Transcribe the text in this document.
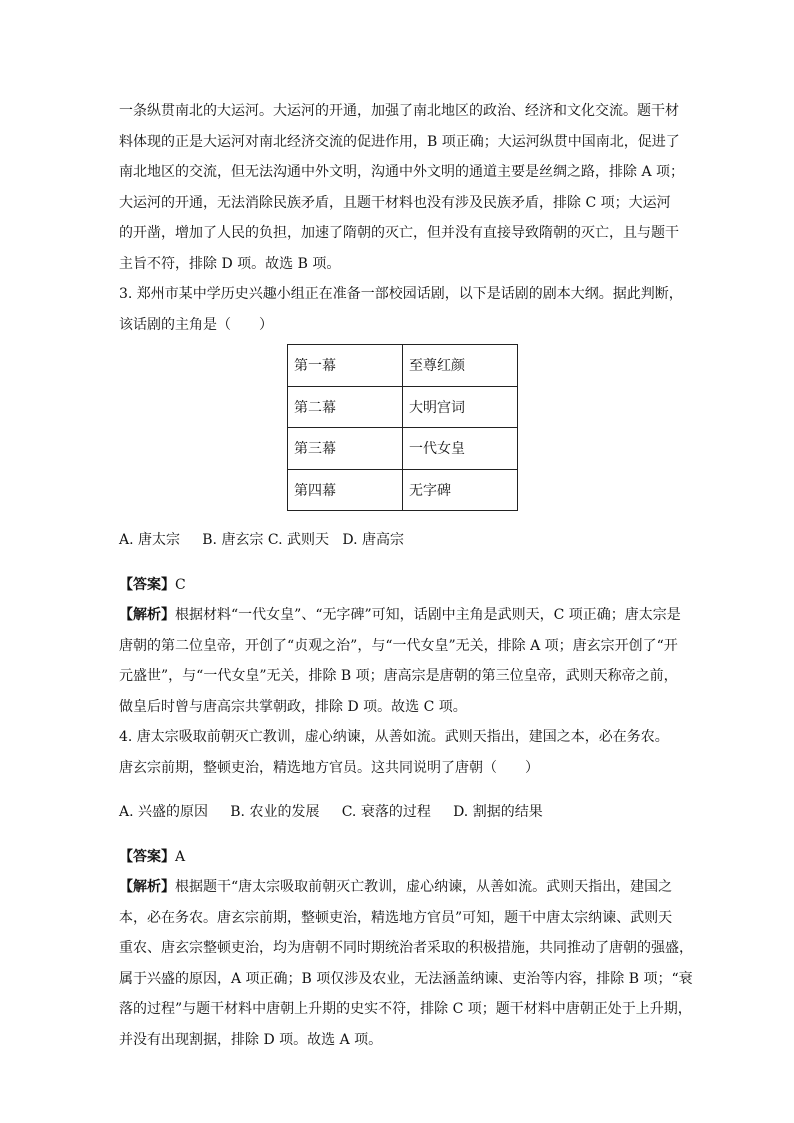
一条纵贯南北的大运河。大运河的开通，加强了南北地区的政治、经济和文化交流。题干材

料体现的正是大运河对南北经济交流的促进作用，B 项正确；大运河纵贯中国南北，促进了

南北地区的交流，但无法沟通中外文明，沟通中外文明的通道主要是丝绸之路，排除 A 项；

大运河的开通，无法消除民族矛盾，且题干材料也没有涉及民族矛盾，排除 C 项；大运河

的开凿，增加了人民的负担，加速了隋朝的灭亡，但并没有直接导致隋朝的灭亡，且与题干

主旨不符，排除 D 项。故选 B 项。

3. 郑州市某中学历史兴趣小组正在准备一部校园话剧，以下是话剧的剧本大纲。据此判断，

该话剧的主角是（　　）

第一幕	至尊红颜
第二幕	大明宫词
第三幕	一代女皇
第四幕	无字碑

A. 唐太宗     B. 唐玄宗 C. 武则天   D. 唐高宗

【答案】C

【解析】根据材料“一代女皇”、“无字碑”可知，话剧中主角是武则天，C 项正确；唐太宗是

唐朝的第二位皇帝，开创了“贞观之治”，与“一代女皇”无关，排除 A 项；唐玄宗开创了“开

元盛世”，与“一代女皇”无关，排除 B 项；唐高宗是唐朝的第三位皇帝，武则天称帝之前，

做皇后时曾与唐高宗共掌朝政，排除 D 项。故选 C 项。

4. 唐太宗吸取前朝灭亡教训，虚心纳谏，从善如流。武则天指出，建国之本，必在务农。

唐玄宗前期，整顿吏治，精选地方官员。这共同说明了唐朝（　　）

A. 兴盛的原因     B. 农业的发展     C. 衰落的过程     D. 割据的结果

【答案】A

【解析】根据题干“唐太宗吸取前朝灭亡教训，虚心纳谏，从善如流。武则天指出，建国之

本，必在务农。唐玄宗前期，整顿吏治，精选地方官员”可知，题干中唐太宗纳谏、武则天

重农、唐玄宗整顿吏治，均为唐朝不同时期统治者采取的积极措施，共同推动了唐朝的强盛，

属于兴盛的原因，A 项正确；B 项仅涉及农业，无法涵盖纳谏、吏治等内容，排除 B 项；“衰

落的过程”与题干材料中唐朝上升期的史实不符，排除 C 项；题干材料中唐朝正处于上升期，

并没有出现割据，排除 D 项。故选 A 项。
